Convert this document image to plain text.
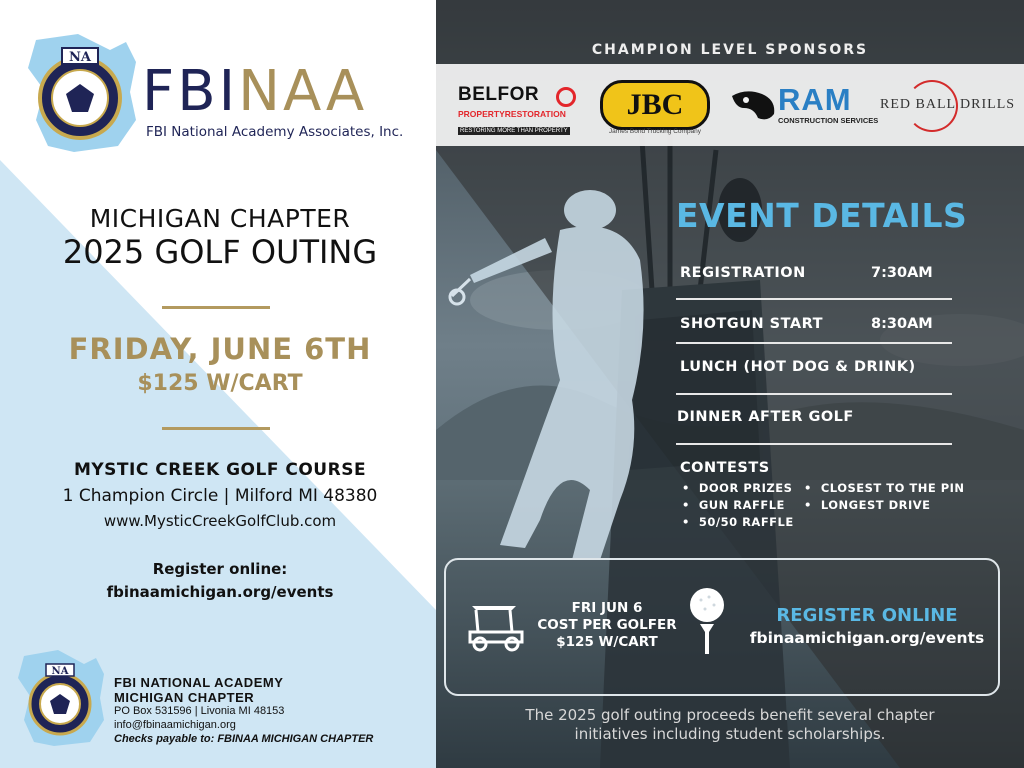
NA
FBINAA
FBI National Academy Associates, Inc.
MICHIGAN CHAPTER
2025 GOLF OUTING
FRIDAY, JUNE 6TH
$125 W/CART
MYSTIC CREEK GOLF COURSE
1 Champion Circle | Milford MI 48380
www.MysticCreekGolfClub.com
Register online:
fbinaamichigan.org/events
NA
FBI NATIONAL ACADEMY
MICHIGAN CHAPTER
PO Box 531596 | Livonia MI 48153
info@fbinaamichigan.org
Checks payable to: FBINAA MICHIGAN CHAPTER
CHAMPION LEVEL SPONSORS
BELFOR
PROPERTYRESTORATION
RESTORING MORE THAN PROPERTY
JBC
James Bond Trucking Company
RAM
CONSTRUCTION SERVICES
RED BALL DRILLS
EVENT DETAILS
REGISTRATION	7:30AM
SHOTGUN START	8:30AM
LUNCH (HOT DOG & DRINK)
DINNER AFTER GOLF
CONTESTS
•  DOOR PRIZES
•  GUN RAFFLE
•  50/50 RAFFLE
•  CLOSEST TO THE PIN
•  LONGEST DRIVE
FRI JUN 6
COST PER GOLFER
$125 W/CART
REGISTER ONLINE
fbinaamichigan.org/events
The 2025 golf outing proceeds benefit several chapter
initiatives including student scholarships.
